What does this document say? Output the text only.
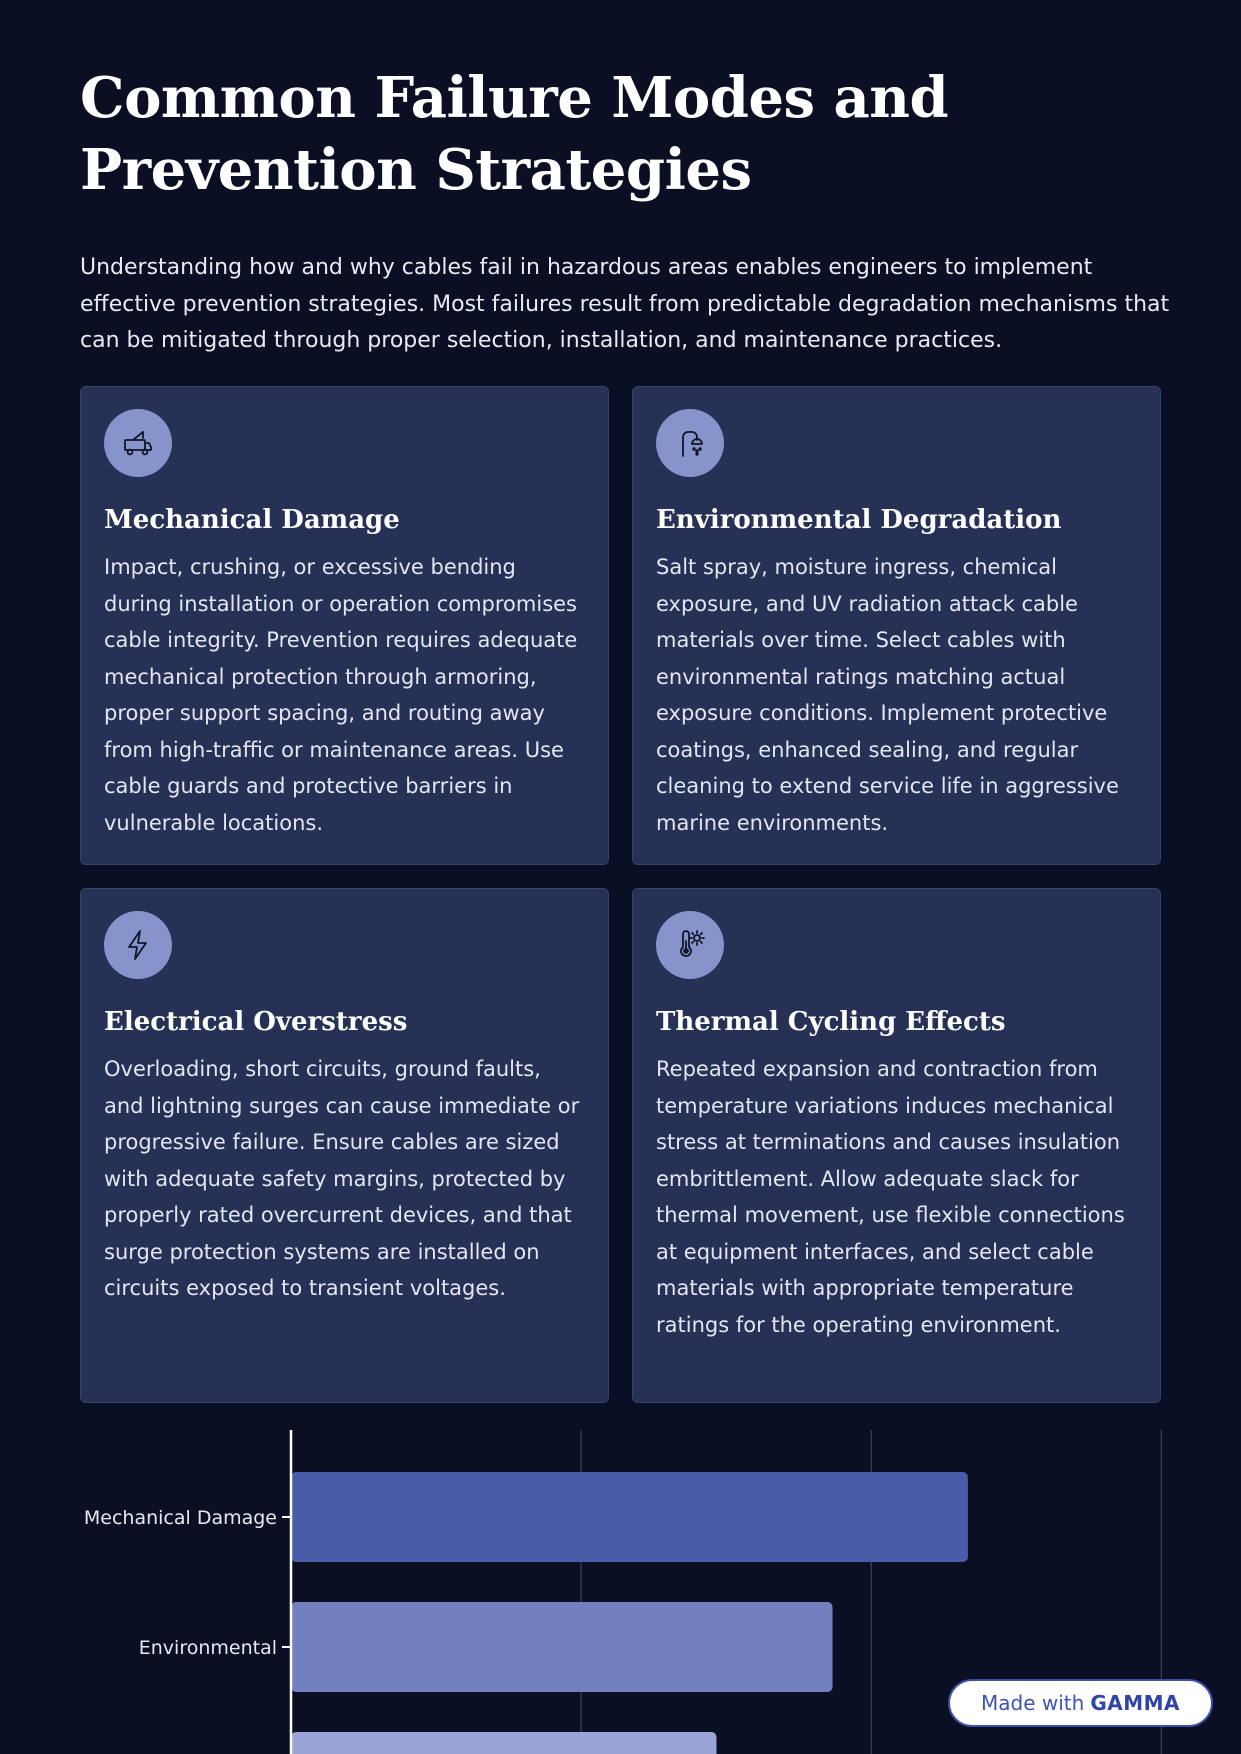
Common Failure Modes and Prevention Strategies

Understanding how and why cables fail in hazardous areas enables engineers to implement effective prevention strategies. Most failures result from predictable degradation mechanisms that can be mitigated through proper selection, installation, and maintenance practices.

Mechanical Damage

Impact, crushing, or excessive bending during installation or operation compromises cable integrity. Prevention requires adequate mechanical protection through armoring, proper support spacing, and routing away from high-traffic or maintenance areas. Use cable guards and protective barriers in vulnerable locations.

Environmental Degradation

Salt spray, moisture ingress, chemical exposure, and UV radiation attack cable materials over time. Select cables with environmental ratings matching actual exposure conditions. Implement protective coatings, enhanced sealing, and regular cleaning to extend service life in aggressive marine environments.

Electrical Overstress

Overloading, short circuits, ground faults, and lightning surges can cause immediate or progressive failure. Ensure cables are sized with adequate safety margins, protected by properly rated overcurrent devices, and that surge protection systems are installed on circuits exposed to transient voltages.

Thermal Cycling Effects

Repeated expansion and contraction from temperature variations induces mechanical stress at terminations and causes insulation embrittlement. Allow adequate slack for thermal movement, use flexible connections at equipment interfaces, and select cable materials with appropriate temperature ratings for the operating environment.

Mechanical Damage
Environmental
Made with GAMMA
